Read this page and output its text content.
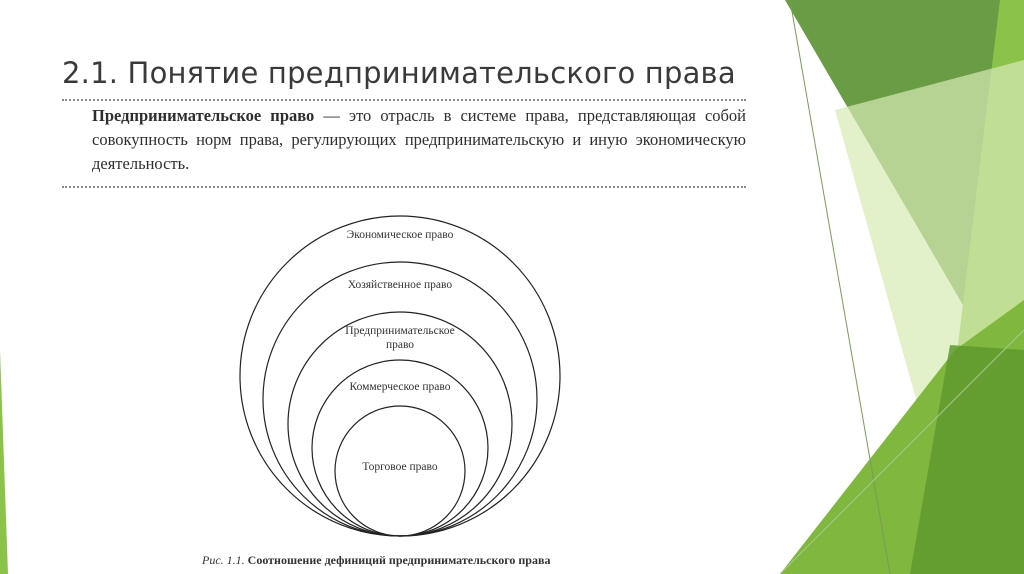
2.1. Понятие предпринимательского права
Предпринимательское право — это отрасль в системе права, представляющая собой совокупность норм права, регулирующих предпринимательскую и иную экономическую деятельность.
Экономическое право
Хозяйственное право
Предпринимательское право
Коммерческое право
Торговое право
Рис. 1.1. Соотношение дефиниций предпринимательского права
